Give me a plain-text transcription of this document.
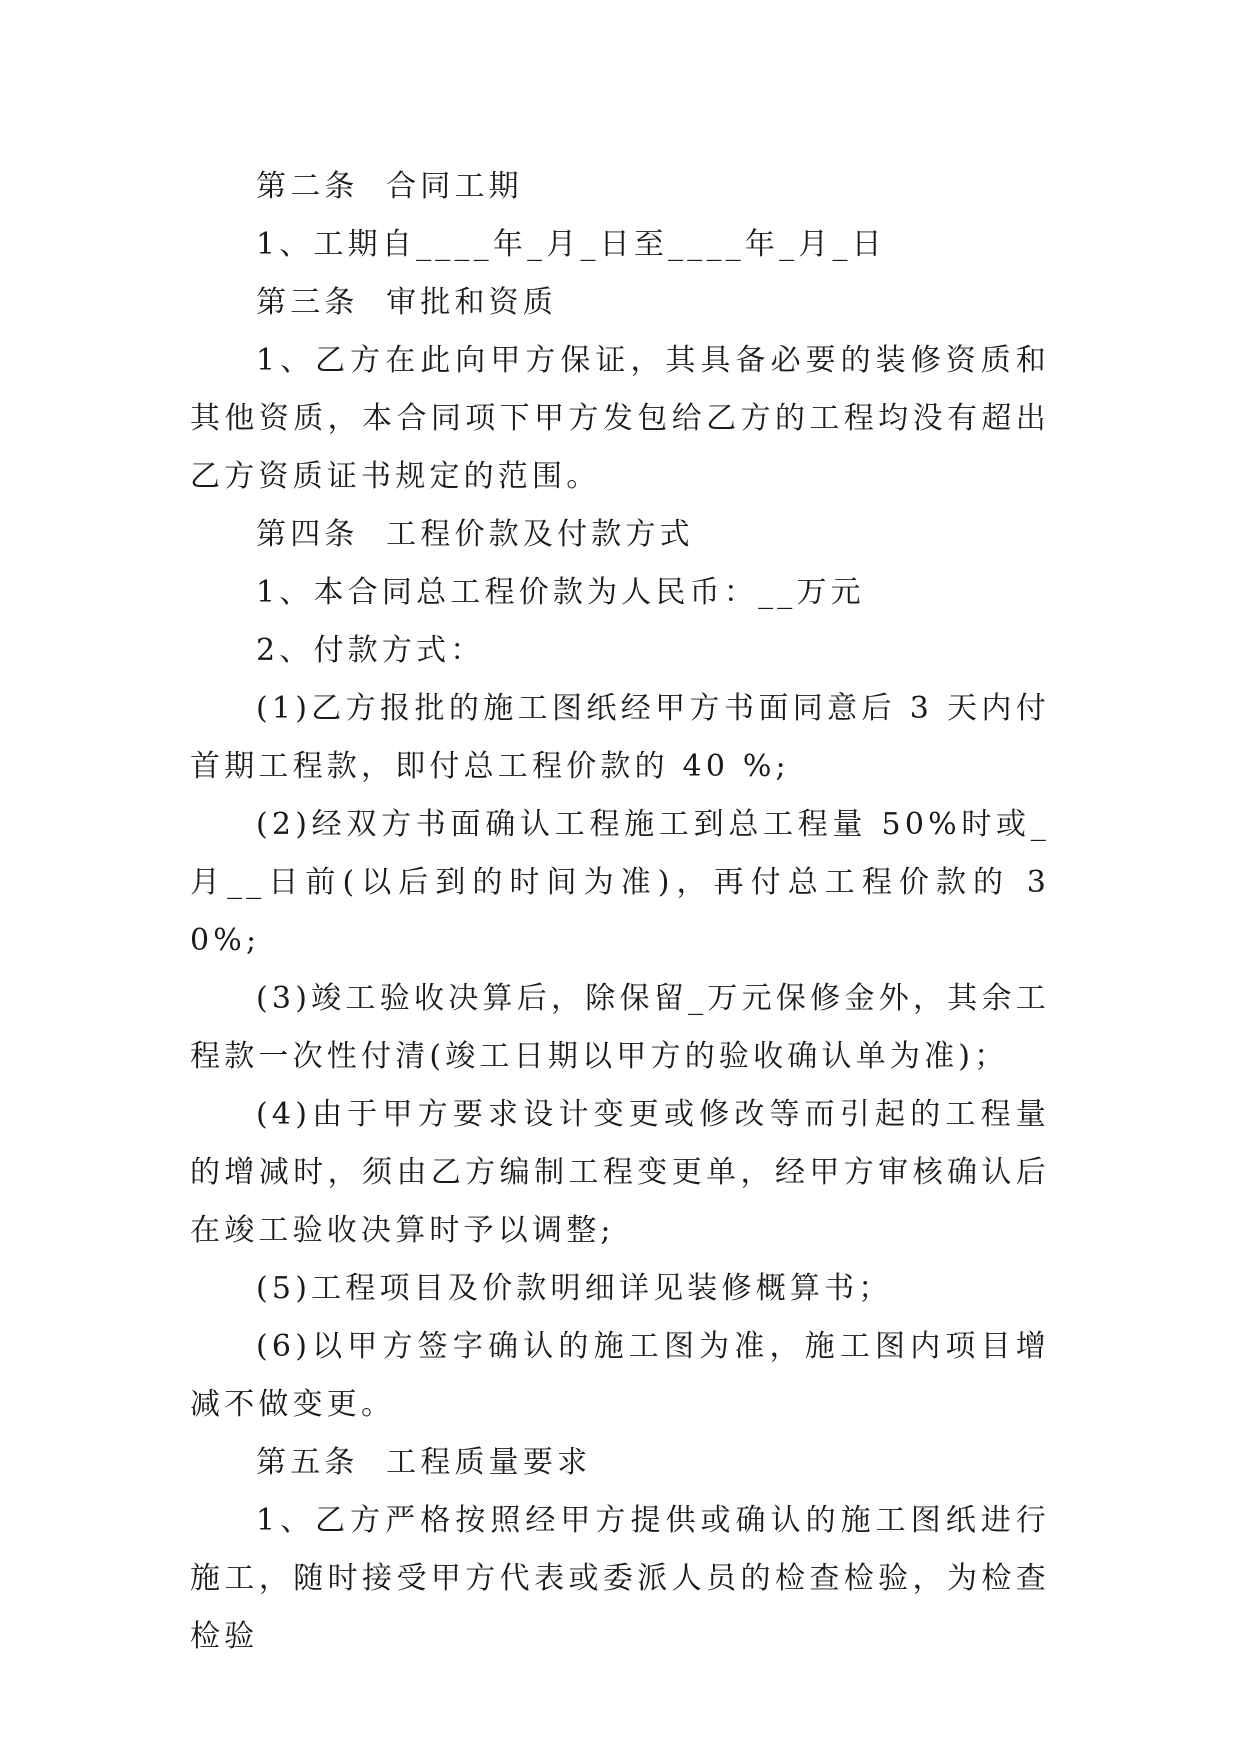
第二条  合同工期

1、工期自____年_月_日至____年_月_日

第三条  审批和资质

1、乙方在此向甲方保证，其具备必要的装修资质和其他资质，本合同项下甲方发包给乙方的工程均没有超出乙方资质证书规定的范围。

第四条  工程价款及付款方式

1、本合同总工程价款为人民币：__万元

2、付款方式：

(1)乙方报批的施工图纸经甲方书面同意后 3 天内付首期工程款，即付总工程价款的 40 %;

(2)经双方书面确认工程施工到总工程量 50%时或_月__日前(以后到的时间为准)，再付总工程价款的 30%;

(3)竣工验收决算后，除保留_万元保修金外，其余工程款一次性付清(竣工日期以甲方的验收确认单为准)；

(4)由于甲方要求设计变更或修改等而引起的工程量的增减时，须由乙方编制工程变更单，经甲方审核确认后在竣工验收决算时予以调整;

(5)工程项目及价款明细详见装修概算书；

(6)以甲方签字确认的施工图为准，施工图内项目增减不做变更。

第五条  工程质量要求

1、乙方严格按照经甲方提供或确认的施工图纸进行施工，随时接受甲方代表或委派人员的检查检验，为检查检验
